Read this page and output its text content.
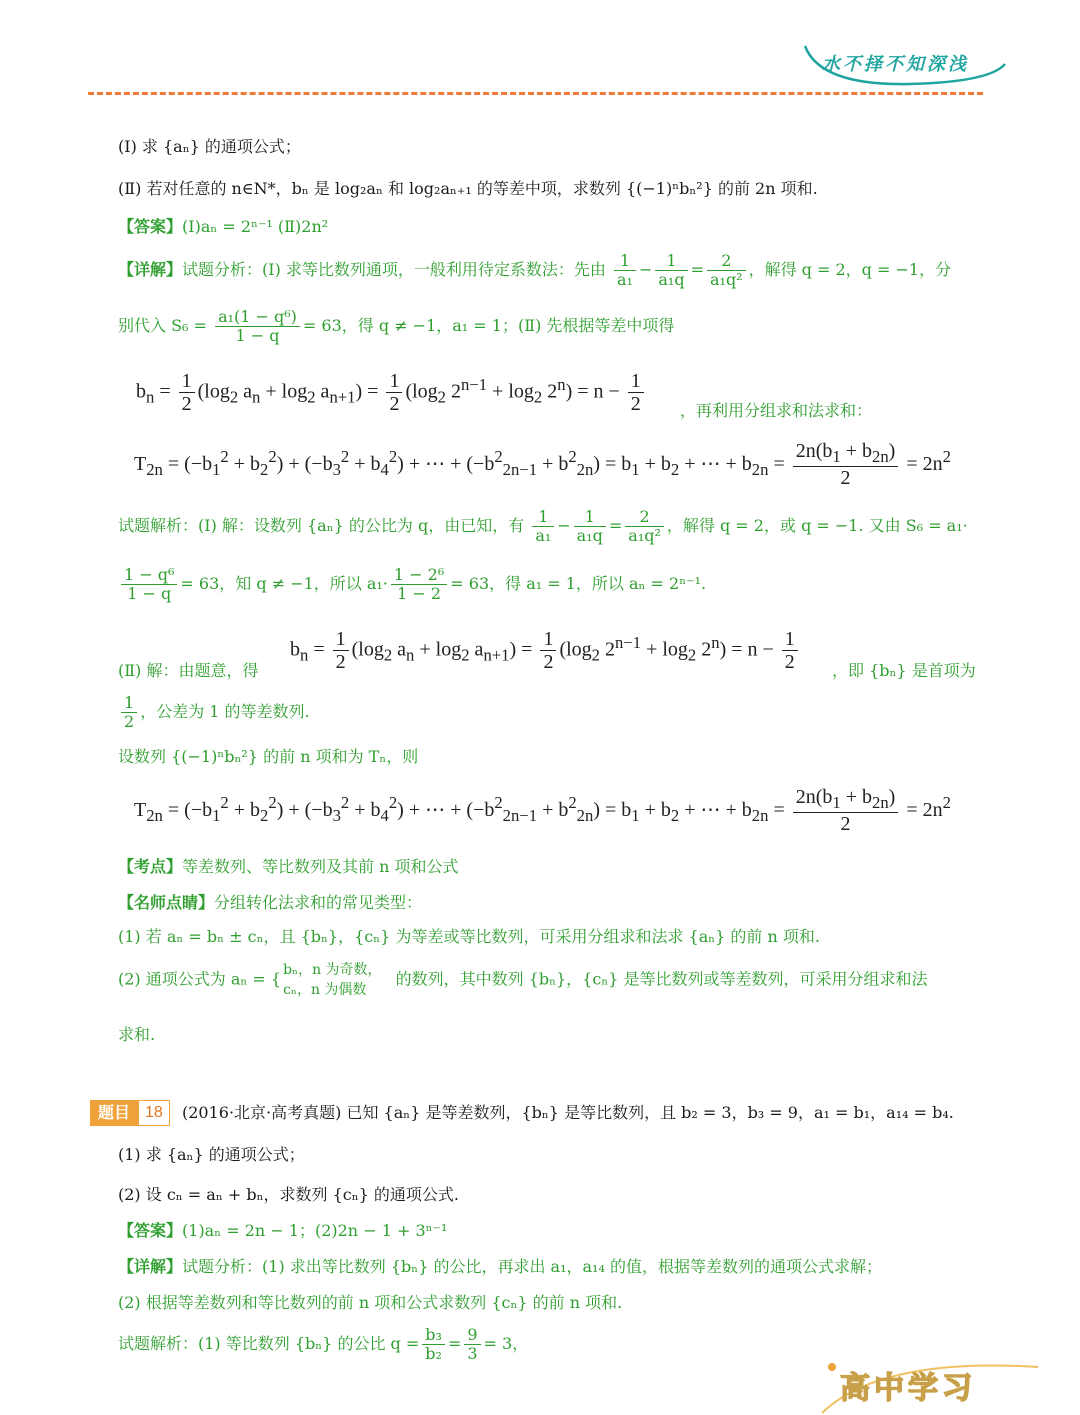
水不择不知深浅
(Ⅰ) 求 {aₙ} 的通项公式；
(Ⅱ) 若对任意的 n∈N*，bₙ 是 log₂aₙ 和 log₂aₙ₊₁ 的等差中项，求数列 {(−1)ⁿbₙ²} 的前 2n 项和.
【答案】(Ⅰ)aₙ = 2ⁿ⁻¹ (Ⅱ)2n²
【详解】试题分析：(Ⅰ) 求等比数列通项，一般利用待定系数法：先由 $\frac{1}{\text{a₁}} - \frac{1}{\text{a₁q}} = \frac{2}{\text{a₁q²}}$ ，解得 q = 2，q = −1，分
别代入 $S_6 = \frac{\text{a₁(1 − q⁶)}}{1 - q} = 63$，得 q ≠ −1，a₁ = 1；(Ⅱ) 先根据等差中项得
$b_n = \frac{1}{2} (\log_2$ $a_n + \log_2 a_{n+1}) = \frac{1}{2} (\log_2$ $2^{n-1} + \log_2 2^n) = n - \frac{1}{2}$ ，再利用分组求和法求和：
$T_{2n} = (-b_1^2 + b_2^2) + (-b_3^2 + b_4^2)$ + ⋯ + $(-b^2_{2n-1} + b^2_{2n}) = b_1 + b_2$ + ⋯ + $b_{2n} = \frac{2n(b_1 + b_{2n})}{2} = 2n^2$
试题解析：(Ⅰ) 解：设数列 {aₙ} 的公比为 q，由已知，有 $\frac{1}{\text{a₁}} - \frac{1}{\text{a₁q}} = \frac{2}{\text{a₁q²}}$ ，解得 q = 2，或 q = −1. 又由 S₆ = a₁·
$\frac{\text{1 − q⁶}}{1 - q} = 63$，知 q ≠ −1，所以 $a_1\cdot \frac{\text{1 − 2⁶}}{1 - 2} = 63$，得 a₁ = 1，所以 aₙ = 2ⁿ⁻¹.
$b_n = \frac{1}{2} (\log_2$ $a_n + \log_2 a_{n+1}) = \frac{1}{2} (\log_2$ $2^{n-1} + \log_2 2^n) = n - \frac{1}{2}$
(Ⅱ) 解：由题意，得	，即 {bₙ} 是首项为
$\frac{1}{2}$ ，公差为 1 的等差数列.
设数列 {(−1)ⁿbₙ²} 的前 n 项和为 Tₙ，则
$T_{2n} = (-b_1^2 + b_2^2) + (-b_3^2 + b_4^2)$ + ⋯ + $(-b^2_{2n-1} + b^2_{2n}) = b_1 + b_2$ + ⋯ + $b_{2n} = \frac{2n(b_1 + b_{2n})}{2} = 2n^2$
【考点】等差数列、等比数列及其前 n 项和公式
【名师点睛】分组转化法求和的常见类型：
(1) 若 aₙ = bₙ ± cₙ，且 {bₙ}，{cₙ} 为等差或等比数列，可采用分组求和法求 {aₙ} 的前 n 项和.
(2) 通项公式为 aₙ = { bₙ，n 为奇数，
cₙ，n 为偶数
的数列，其中数列 {bₙ}，{cₙ} 是等比数列或等差数列，可采用分组求和法
求和.
题目 18	(2016·北京·高考真题) 已知 {aₙ} 是等差数列，{bₙ} 是等比数列，且 b₂ = 3，b₃ = 9，a₁ = b₁，a₁₄ = b₄.
(1) 求 {aₙ} 的通项公式；
(2) 设 cₙ = aₙ + bₙ，求数列 {cₙ} 的通项公式.
【答案】(1)aₙ = 2n − 1；(2)2n − 1 + 3ⁿ⁻¹
【详解】试题分析：(1) 求出等比数列 {bₙ} 的公比，再求出 a₁，a₁₄ 的值，根据等差数列的通项公式求解；
(2) 根据等差数列和等比数列的前 n 项和公式求数列 {cₙ} 的前 n 项和.
试题解析：(1) 等比数列 {bₙ} 的公比 $q = \frac{\text{b₃}}{\text{b₂}} = \frac{9}{3} = 3$，
高中学习
